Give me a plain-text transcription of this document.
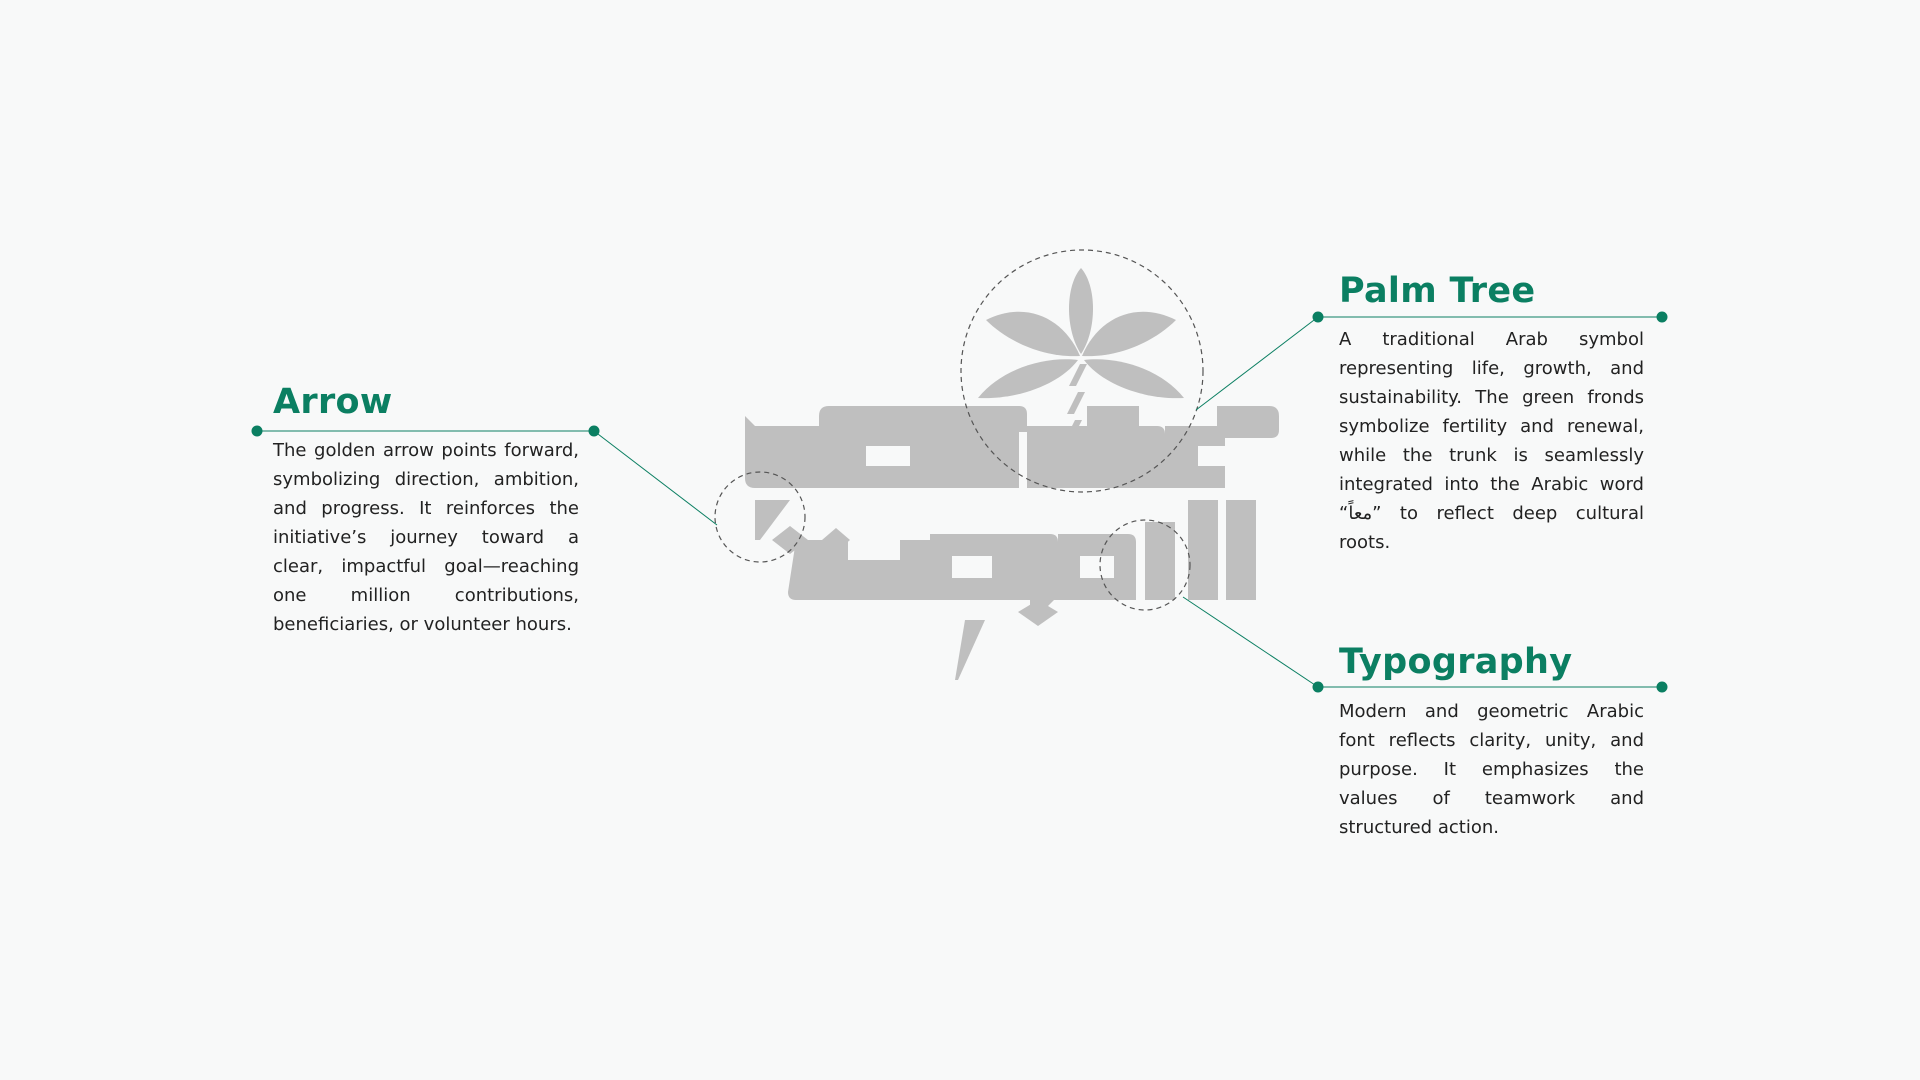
Arrow

The golden arrow points forward, symbolizing direction, ambition, and progress. It reinforces the initiative’s journey toward a clear, impactful goal—reaching one million contributions, beneficiaries, or volunteer hours.

Palm Tree

A traditional Arab symbol representing life, growth, and sustainability. The green fronds symbolize fertility and renewal, while the trunk is seamlessly integrated into the Arabic word “معاً” to reflect deep cultural roots.

Typography

Modern and geometric Arabic font reflects clarity, unity, and purpose. It emphasizes the values of teamwork and structured action.
